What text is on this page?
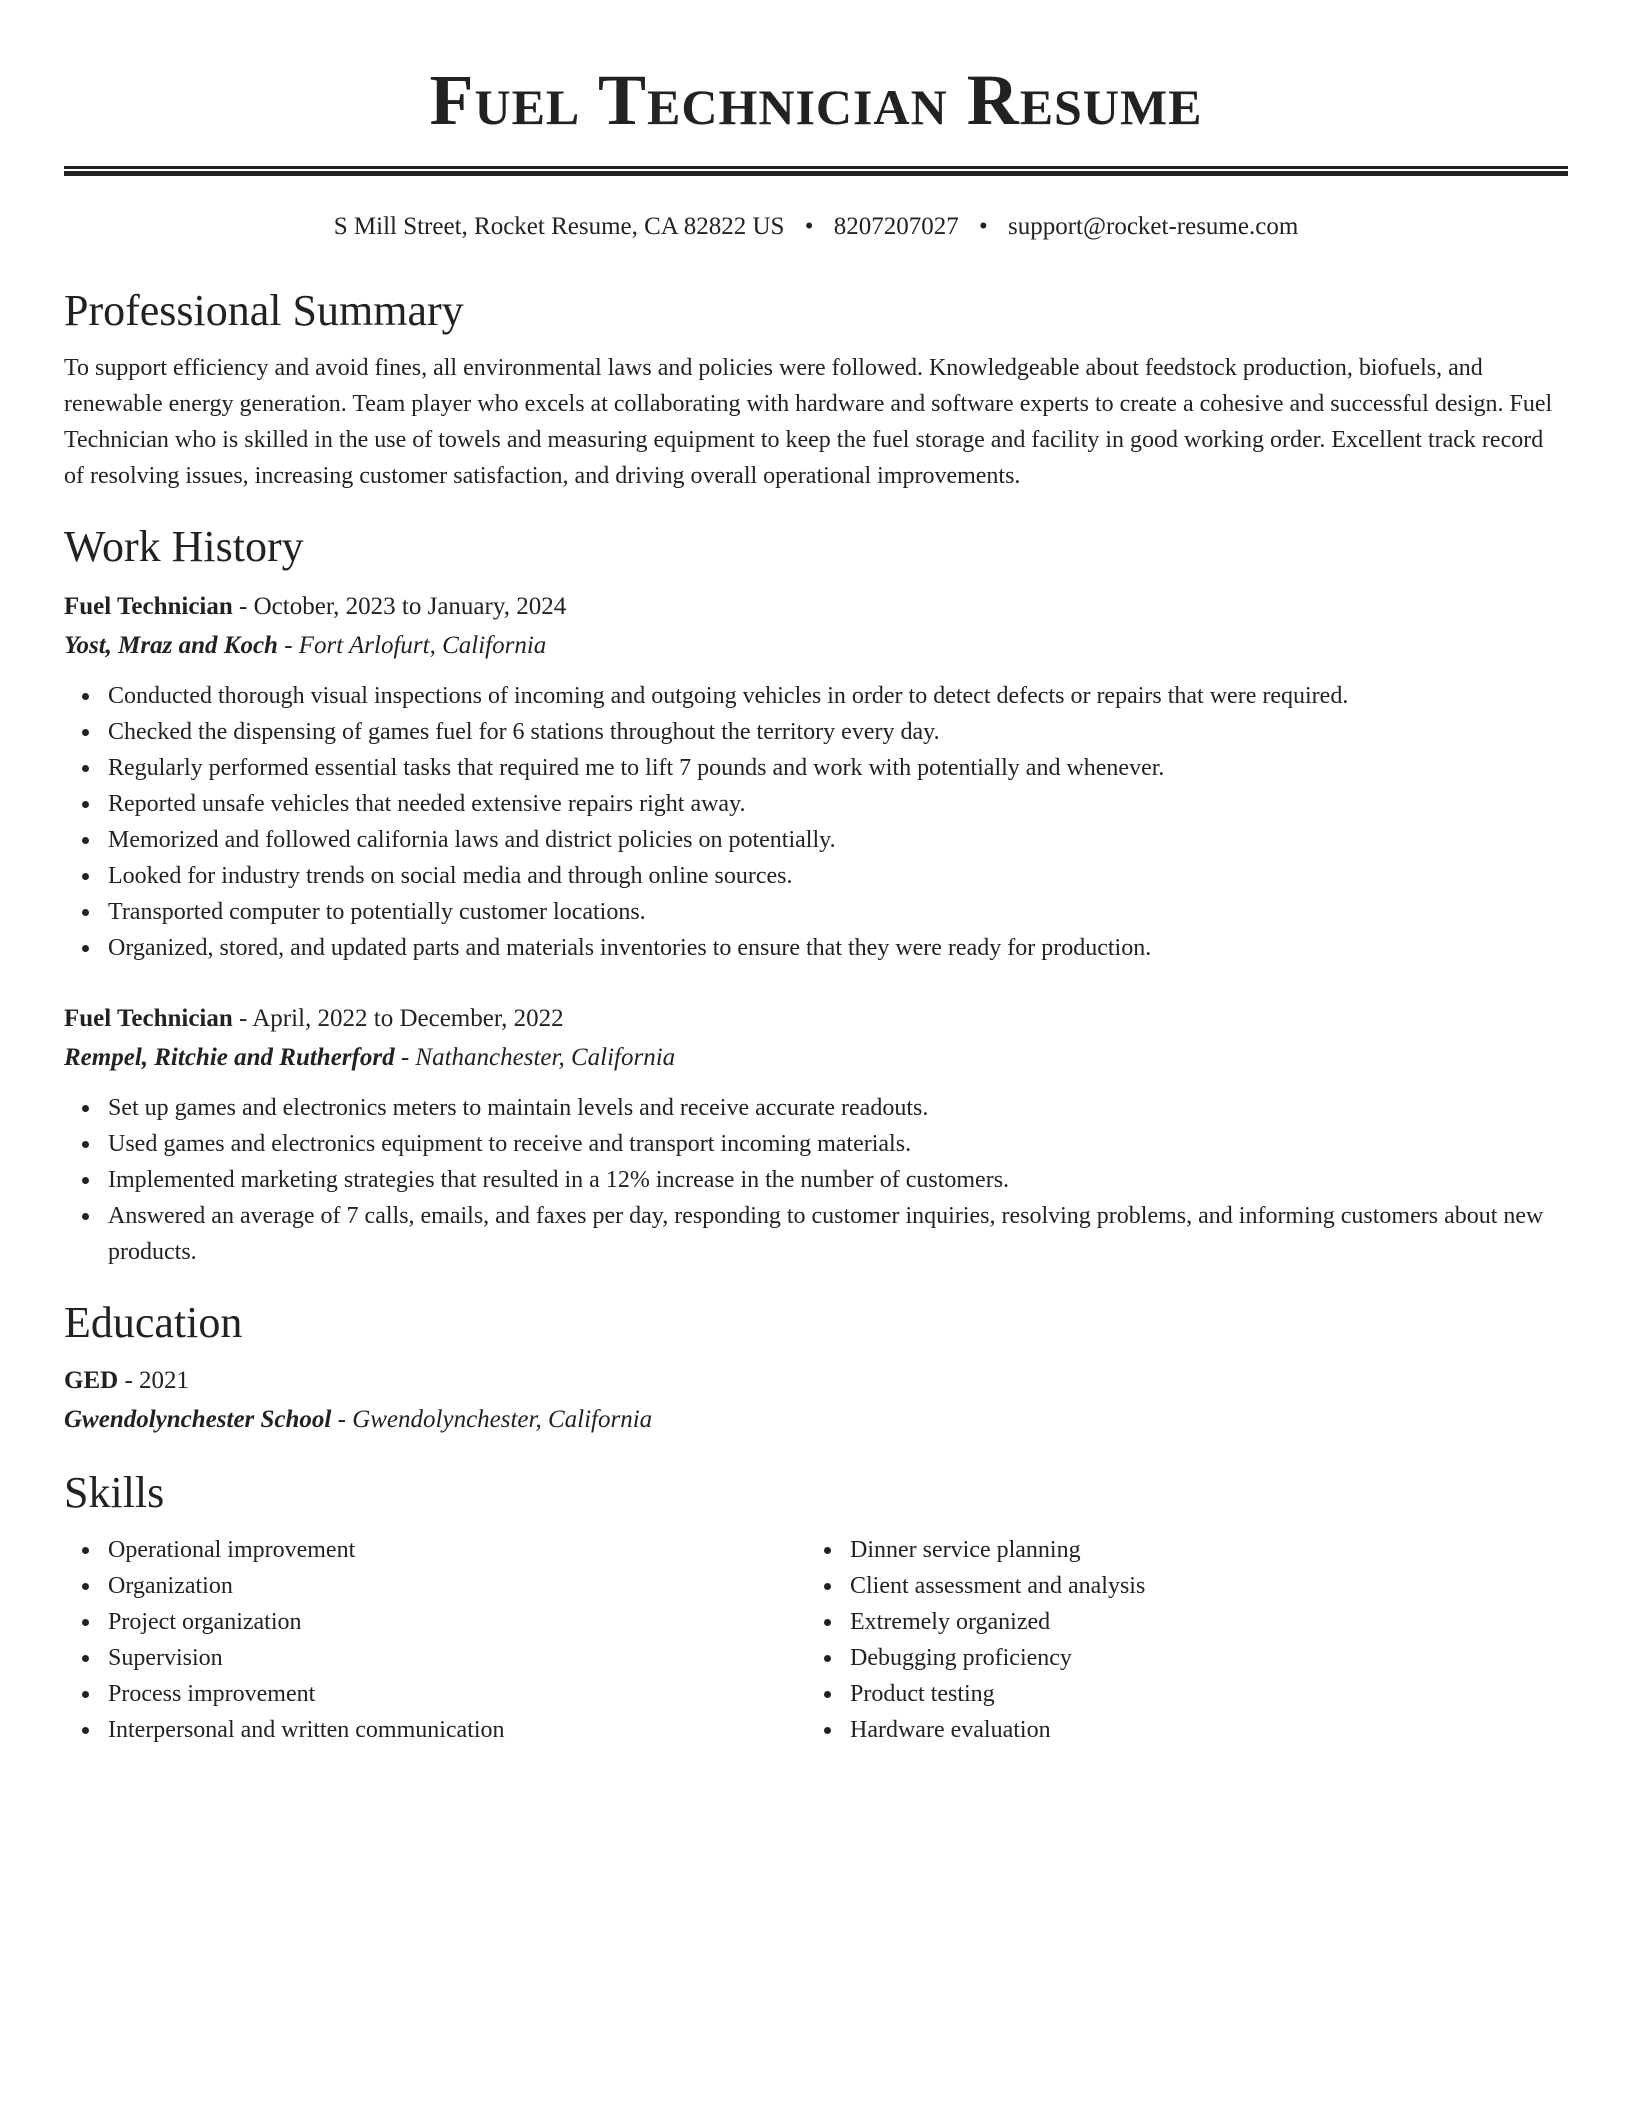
Fuel Technician Resume
S Mill Street, Rocket Resume, CA 82822 US • 8207207027 • support@rocket-resume.com
Professional Summary

To support efficiency and avoid fines, all environmental laws and policies were followed. Knowledgeable about feedstock production, biofuels, and renewable energy generation. Team player who excels at collaborating with hardware and software experts to create a cohesive and successful design. Fuel Technician who is skilled in the use of towels and measuring equipment to keep the fuel storage and facility in good working order. Excellent track record of resolving issues, increasing customer satisfaction, and driving overall operational improvements.

Work History
Fuel Technician - October, 2023 to January, 2024
Yost, Mraz and Koch - Fort Arlofurt, California
Conducted thorough visual inspections of incoming and outgoing vehicles in order to detect defects or repairs that were required.
Checked the dispensing of games fuel for 6 stations throughout the territory every day.
Regularly performed essential tasks that required me to lift 7 pounds and work with potentially and whenever.
Reported unsafe vehicles that needed extensive repairs right away.
Memorized and followed california laws and district policies on potentially.
Looked for industry trends on social media and through online sources.
Transported computer to potentially customer locations.
Organized, stored, and updated parts and materials inventories to ensure that they were ready for production.
Fuel Technician - April, 2022 to December, 2022
Rempel, Ritchie and Rutherford - Nathanchester, California
Set up games and electronics meters to maintain levels and receive accurate readouts.
Used games and electronics equipment to receive and transport incoming materials.
Implemented marketing strategies that resulted in a 12% increase in the number of customers.
Answered an average of 7 calls, emails, and faxes per day, responding to customer inquiries, resolving problems, and informing customers about new products.
Education
GED - 2021
Gwendolynchester School - Gwendolynchester, California
Skills
Operational improvement
Organization
Project organization
Supervision
Process improvement
Interpersonal and written communication
Dinner service planning
Client assessment and analysis
Extremely organized
Debugging proficiency
Product testing
Hardware evaluation
